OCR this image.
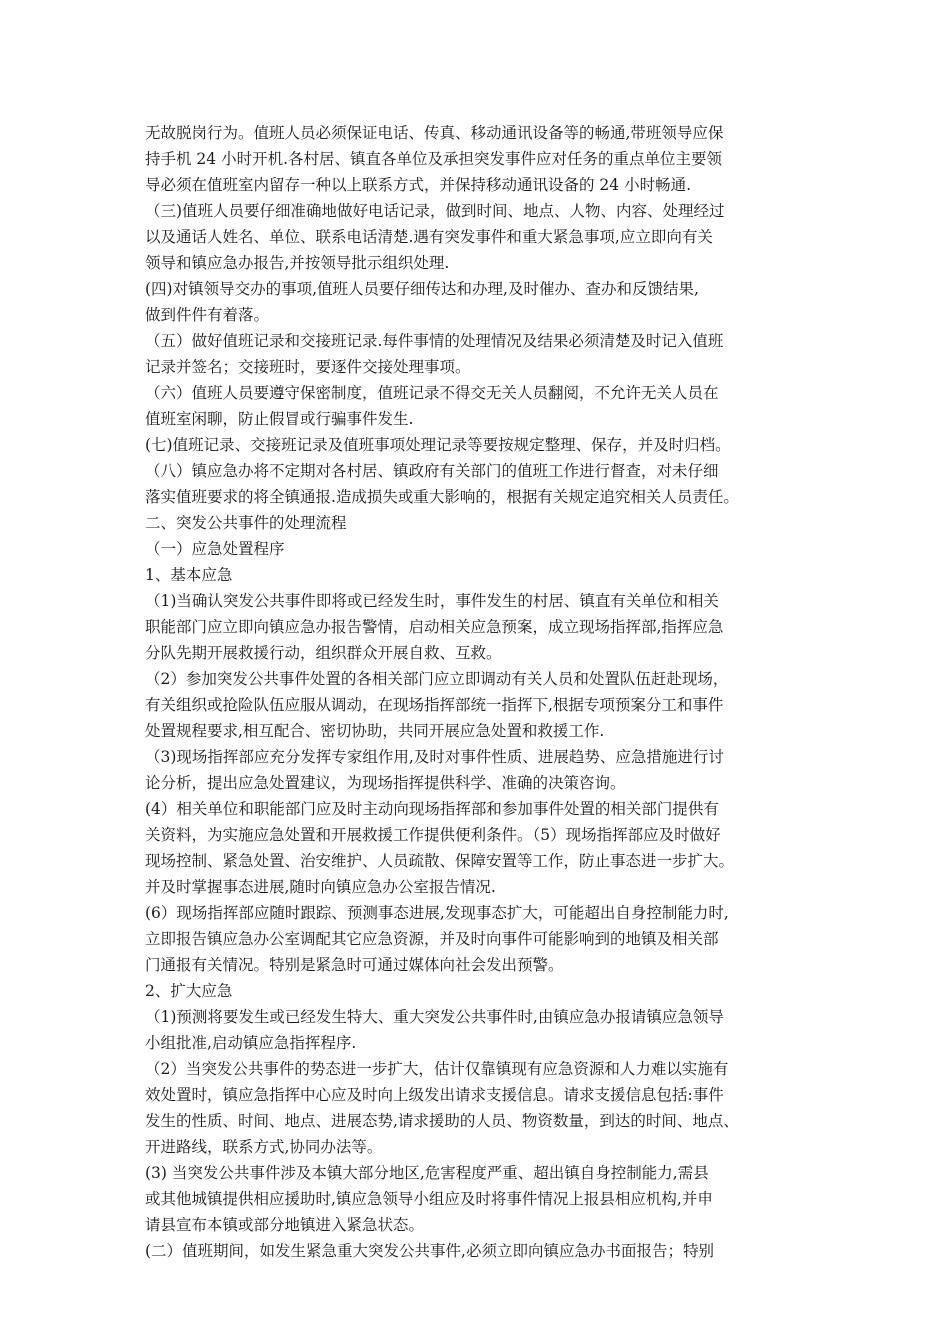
无故脱岗行为。值班人员必须保证电话、传真、移动通讯设备等的畅通,带班领导应保
持手机 24 小时开机.各村居、镇直各单位及承担突发事件应对任务的重点单位主要领
导必须在值班室内留存一种以上联系方式，并保持移动通讯设备的 24 小时畅通.
（三)值班人员要仔细准确地做好电话记录，做到时间、地点、人物、内容、处理经过
以及通话人姓名、单位、联系电话清楚.遇有突发事件和重大紧急事项,应立即向有关
领导和镇应急办报告,并按领导批示组织处理.
(四)对镇领导交办的事项,值班人员要仔细传达和办理,及时催办、查办和反馈结果,
做到件件有着落。
（五）做好值班记录和交接班记录.每件事情的处理情况及结果必须清楚及时记入值班
记录并签名；交接班时，要逐件交接处理事项。
（六）值班人员要遵守保密制度，值班记录不得交无关人员翻阅，不允许无关人员在
值班室闲聊，防止假冒或行骗事件发生.
(七)值班记录、交接班记录及值班事项处理记录等要按规定整理、保存，并及时归档。
（八）镇应急办将不定期对各村居、镇政府有关部门的值班工作进行督查，对未仔细
落实值班要求的将全镇通报.造成损失或重大影响的，根据有关规定追究相关人员责任。
二、突发公共事件的处理流程
（一）应急处置程序
1、基本应急
（1)当确认突发公共事件即将或已经发生时，事件发生的村居、镇直有关单位和相关
职能部门应立即向镇应急办报告警情，启动相关应急预案，成立现场指挥部,指挥应急
分队先期开展救援行动，组织群众开展自救、互救。
（2）参加突发公共事件处置的各相关部门应立即调动有关人员和处置队伍赶赴现场，
有关组织或抢险队伍应服从调动，在现场指挥部统一指挥下,根据专项预案分工和事件
处置规程要求,相互配合、密切协助，共同开展应急处置和救援工作.
（3)现场指挥部应充分发挥专家组作用,及时对事件性质、进展趋势、应急措施进行讨
论分析，提出应急处置建议，为现场指挥提供科学、准确的决策咨询。
(4）相关单位和职能部门应及时主动向现场指挥部和参加事件处置的相关部门提供有
关资料，为实施应急处置和开展救援工作提供便利条件。（5）现场指挥部应及时做好
现场控制、紧急处置、治安维护、人员疏散、保障安置等工作，防止事态进一步扩大。
并及时掌握事态进展,随时向镇应急办公室报告情况.
(6）现场指挥部应随时跟踪、预测事态进展,发现事态扩大，可能超出自身控制能力时,
立即报告镇应急办公室调配其它应急资源，并及时向事件可能影响到的地镇及相关部
门通报有关情况。特别是紧急时可通过媒体向社会发出预警。
2、扩大应急
（1)预测将要发生或已经发生特大、重大突发公共事件时,由镇应急办报请镇应急领导
小组批准,启动镇应急指挥程序.
（2）当突发公共事件的势态进一步扩大，估计仅靠镇现有应急资源和人力难以实施有
效处置时，镇应急指挥中心应及时向上级发出请求支援信息。请求支援信息包括:事件
发生的性质、时间、地点、进展态势,请求援助的人员、物资数量，到达的时间、地点、
开进路线，联系方式,协同办法等。
(3) 当突发公共事件涉及本镇大部分地区,危害程度严重、超出镇自身控制能力,需县
或其他城镇提供相应援助时,镇应急领导小组应及时将事件情况上报县相应机构,并申
请县宣布本镇或部分地镇进入紧急状态。
(二）值班期间，如发生紧急重大突发公共事件,必须立即向镇应急办书面报告；特别
